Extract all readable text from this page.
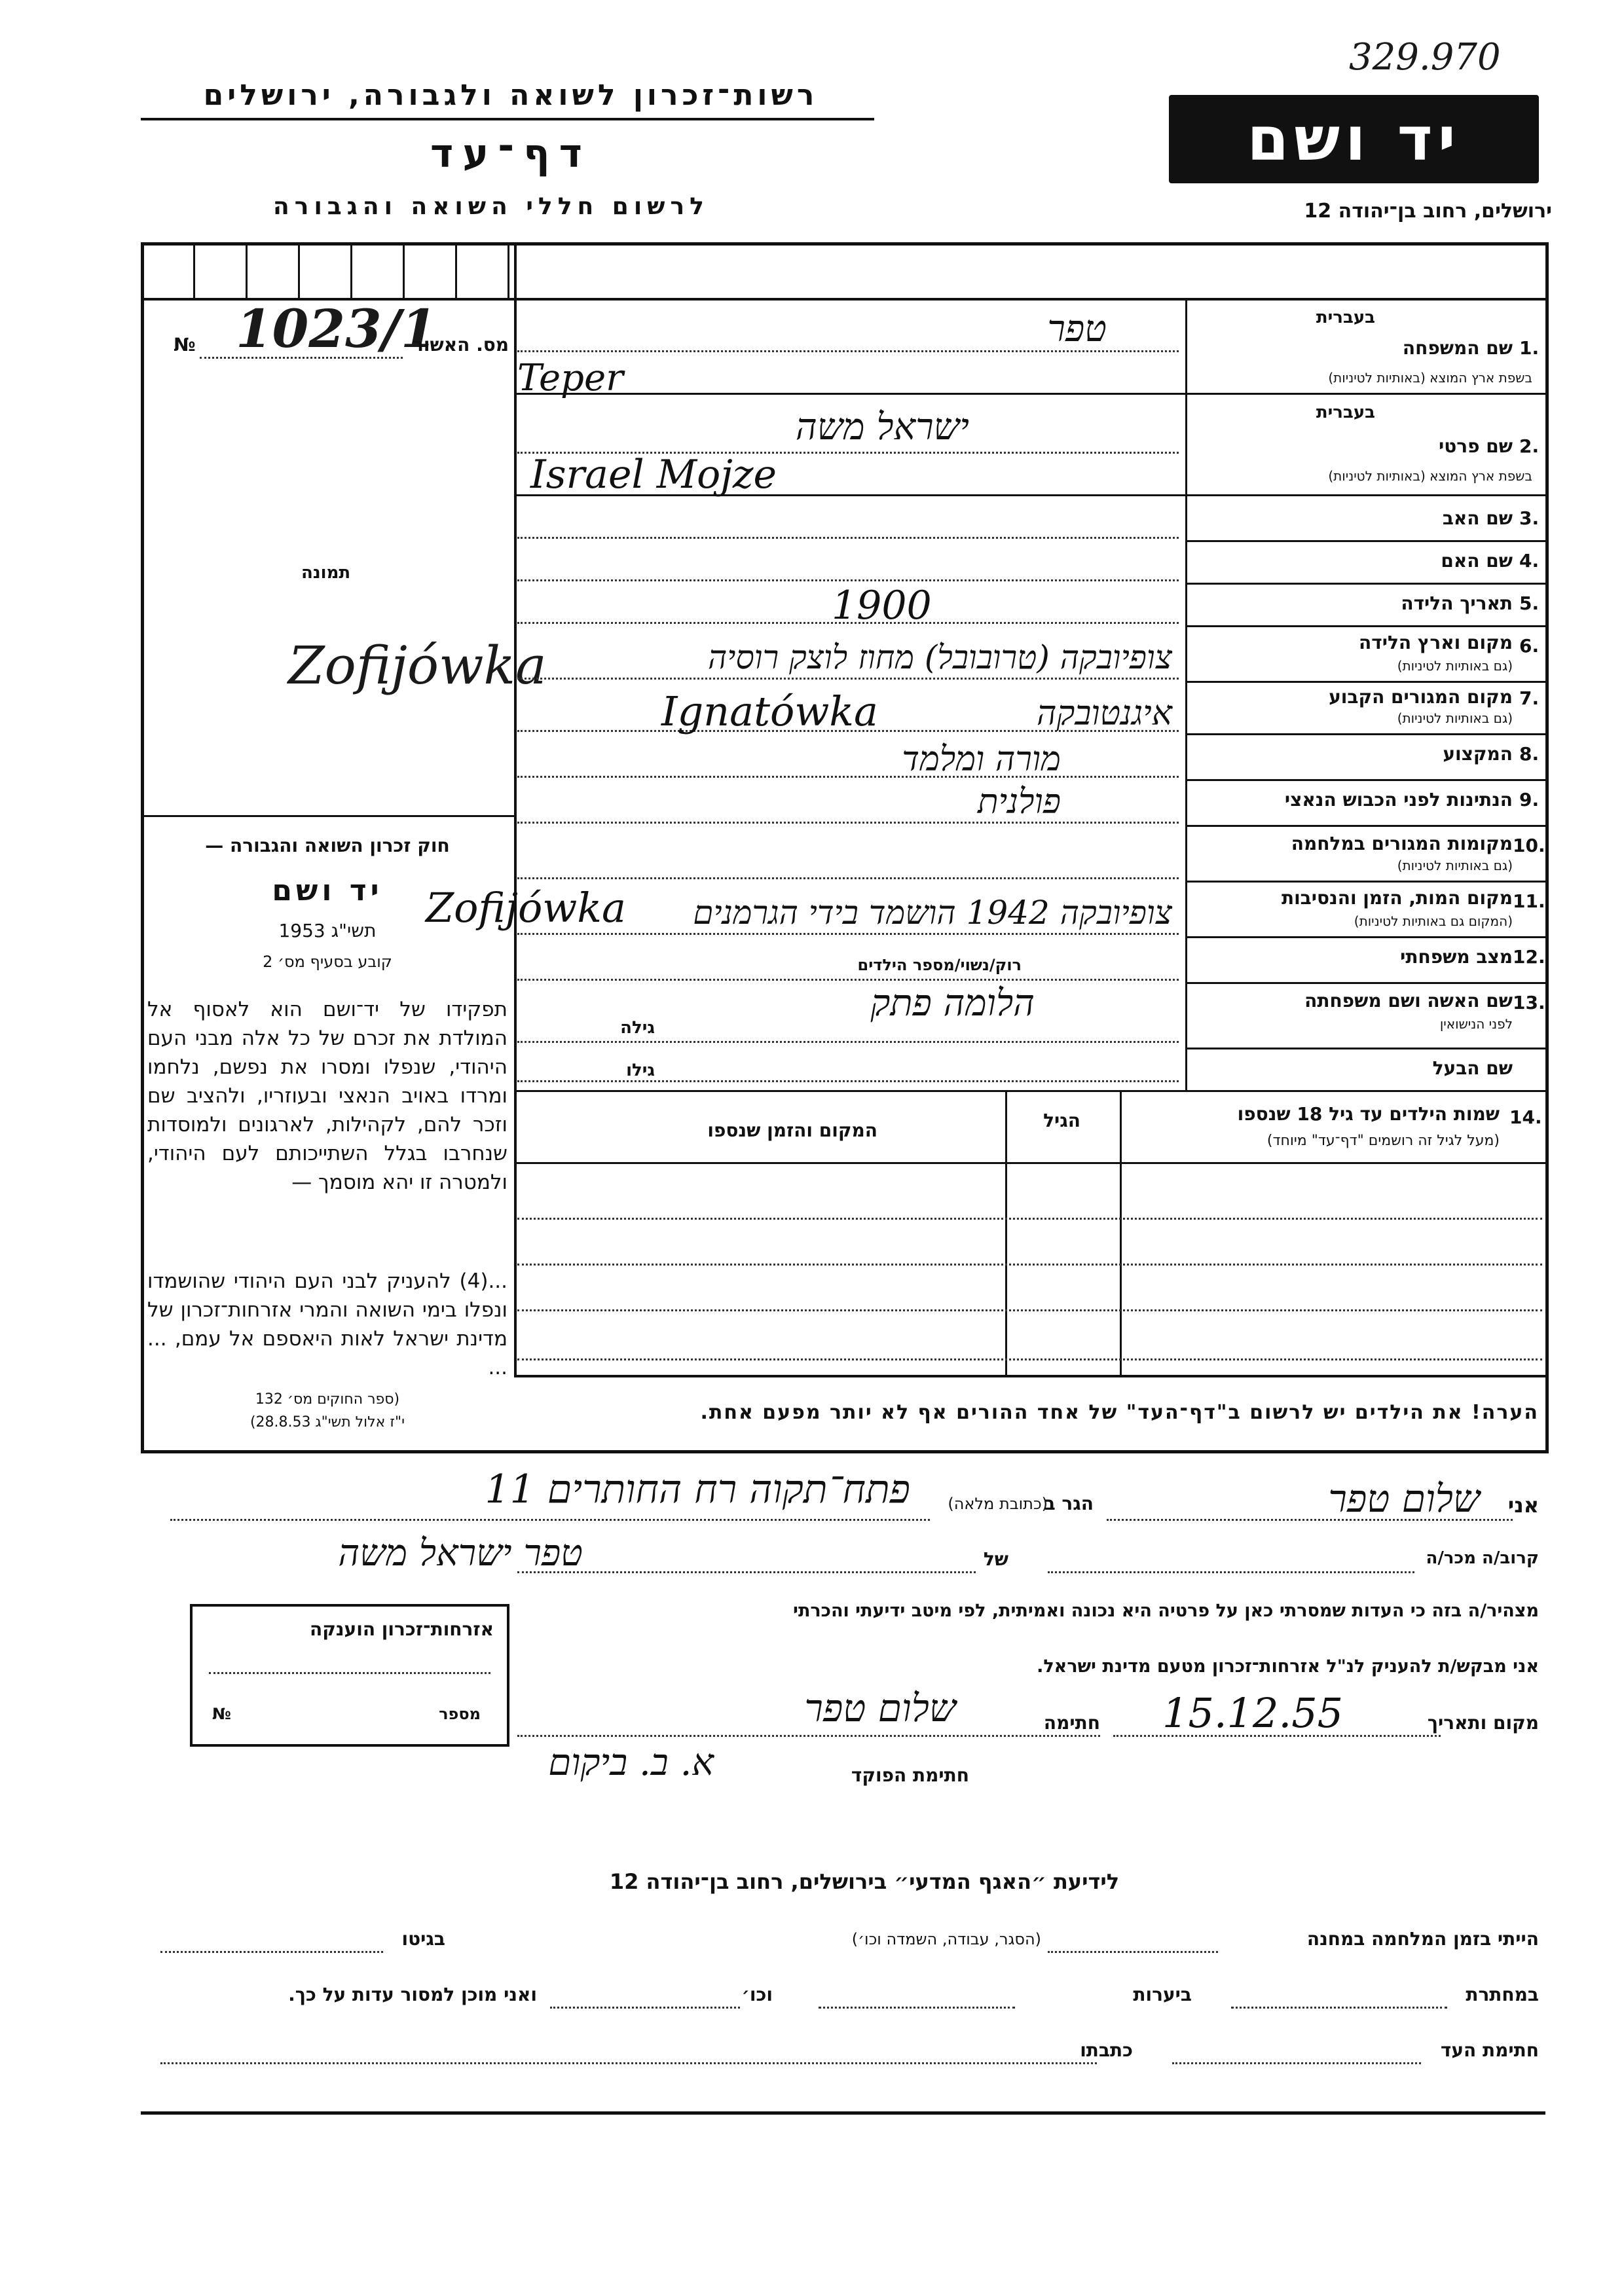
329.970
רשות־זכרון לשואה ולגבורה, ירושלים
דף־עד
לרשום חללי השואה והגבורה
יד ושם
ירושלים, רחוב בן־יהודה 12
№ 1023/1
מס. האשור
תמונה
Zofijówka
חוק זכרון השואה והגבורה —
יד ושם
תשי"ג 1953
קובע בסעיף מס׳ 2
תפקידו של יד־ושם הוא לאסוף אל המולדת את זכרם של כל אלה מבני העם היהודי, שנפלו ומסרו את נפשם, נלחמו ומרדו באויב הנאצי ובעוזריו, ולהציב שם וזכר להם, לקהילות, לארגונים ולמוסדות שנחרבו בגלל השתייכותם לעם היהודי, ולמטרה זו יהא מוסמך —
...(4) להעניק לבני העם היהודי שהושמדו ונפלו בימי השואה והמרי אזרחות־זכרון של מדינת ישראל לאות היאספם אל עמם, ... ...
(ספר החוקים מס׳ 132
י"ז אלול תשי"ג 28.8.53)
1.
שם המשפחה
בעברית
בשפת ארץ המוצא (באותיות לטיניות)
טפר
Teper
2.
שם פרטי
בעברית
בשפת ארץ המוצא (באותיות לטיניות)
ישראל משה
Israel Mojze
3.
שם האב
4.
שם האם
5.
תאריך הלידה
1900
6.
מקום וארץ הלידה
(גם באותיות לטיניות)
צופיובקה (טרובובל) מחוז לוצק רוסיה
7.
מקום המגורים הקבוע
(גם באותיות לטיניות)
איגנטובקה
Ignatówka
8.
המקצוע
מורה ומלמד
9.
הנתינות לפני הכבוש הנאצי
פולנית
10.
מקומות המגורים במלחמה
(גם באותיות לטיניות)
11.
מקום המות, הזמן והנסיבות
(המקום גם באותיות לטיניות)
צופיובקה 1942 הושמד בידי הגרמנים
Zofijówka
12.
מצב משפחתי
רוק/נשוי/מספר הילדים
13.
שם האשה ושם משפחתה
לפני הנישואין
הלומה פתק
גילה
שם הבעל
גילו
14.
שמות הילדים עד גיל 18 שנספו
(מעל לגיל זה רושמים "דף־עד" מיוחד)
הגיל
המקום והזמן שנספו
הערה! את הילדים יש לרשום ב"דף־העד" של אחד ההורים אף לא יותר מפעם אחת.
אני
שלום טפר
הגר ב
(כתובת מלאה)
פתח־תקוה רח החותרים 11
קרוב/ה מכר/ה
של
טפר ישראל משה
מצהיר/ה בזה כי העדות שמסרתי כאן על פרטיה היא נכונה ואמיתית, לפי מיטב ידיעתי והכרתי
אני מבקש/ת להעניק לנ"ל אזרחות־זכרון מטעם מדינת ישראל.
מקום ותאריך
15.12.55
חתימה
שלום טפר
חתימת הפוקד
א. ב. ביקום
אזרחות־זכרון הוענקה
מספר
№
לידיעת ״האגף המדעי״ בירושלים, רחוב בן־יהודה 12
הייתי בזמן המלחמה במחנה
(הסגר, עבודה, השמדה וכו׳)
בגיטו
במחתרת
ביערות
וכו׳
ואני מוכן למסור עדות על כך.
חתימת העד
כתבתו
